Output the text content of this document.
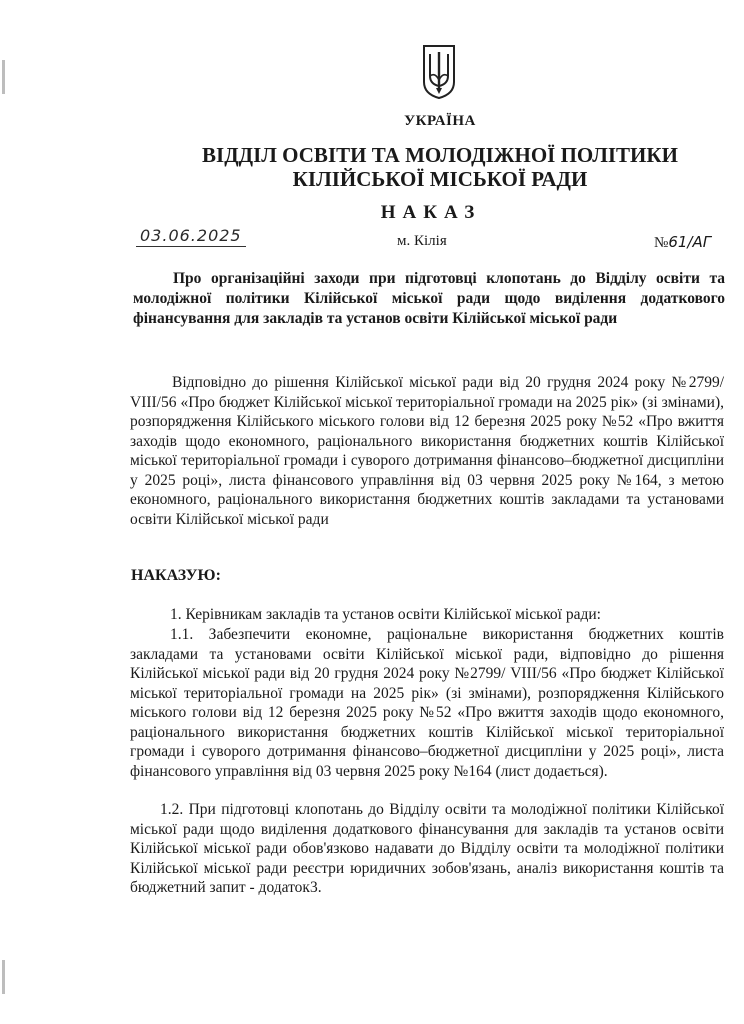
УКРАЇНА
ВІДДІЛ ОСВІТИ ТА МОЛОДІЖНОЇ ПОЛІТИКИ
КІЛІЙСЬКОЇ МІСЬКОЇ РАДИ
НАКАЗ
03.06.2025	м. Кілія	№61/АГ

Про організаційні заходи при підготовці клопотань до Відділу освіти та молодіжної політики Кілійської міської ради щодо виділення додаткового фінансування для закладів та установ освіти Кілійської міської ради

Відповідно до рішення Кілійської міської ради від 20 грудня 2024 року №2799/ VIII/56 «Про бюджет Кілійської міської територіальної громади на 2025 рік» (зі змінами), розпорядження Кілійського міського голови від 12 березня 2025 року №52 «Про вжиття заходів щодо економного, раціонального використання бюджетних коштів Кілійської міської територіальної громади і суворого дотримання фінансово–бюджетної дисципліни у 2025 році», листа фінансового управління від 03 червня 2025 року №164, з метою економного, раціонального використання бюджетних коштів закладами та установами освіти Кілійської міської ради

НАКАЗУЮ:

1. Керівникам закладів та установ освіти Кілійської міської ради:

1.1. Забезпечити економне, раціональне використання бюджетних коштів закладами та установами освіти Кілійської міської ради, відповідно до рішення Кілійської міської ради від 20 грудня 2024 року №2799/ VIII/56 «Про бюджет Кілійської міської територіальної громади на 2025 рік» (зі змінами), розпорядження Кілійського міського голови від 12 березня 2025 року №52 «Про вжиття заходів щодо економного, раціонального використання бюджетних коштів Кілійської міської територіальної громади і суворого дотримання фінансово–бюджетної дисципліни у 2025 році», листа фінансового управління від 03 червня 2025 року №164 (лист додається).

1.2. При підготовці клопотань до Відділу освіти та молодіжної політики Кілійської міської ради щодо виділення додаткового фінансування для закладів та установ освіти Кілійської міської ради обов'язково надавати до Відділу освіти та молодіжної політики Кілійської міської ради реєстри юридичних зобов'язань, аналіз використання коштів та бюджетний запит - додаток3.
